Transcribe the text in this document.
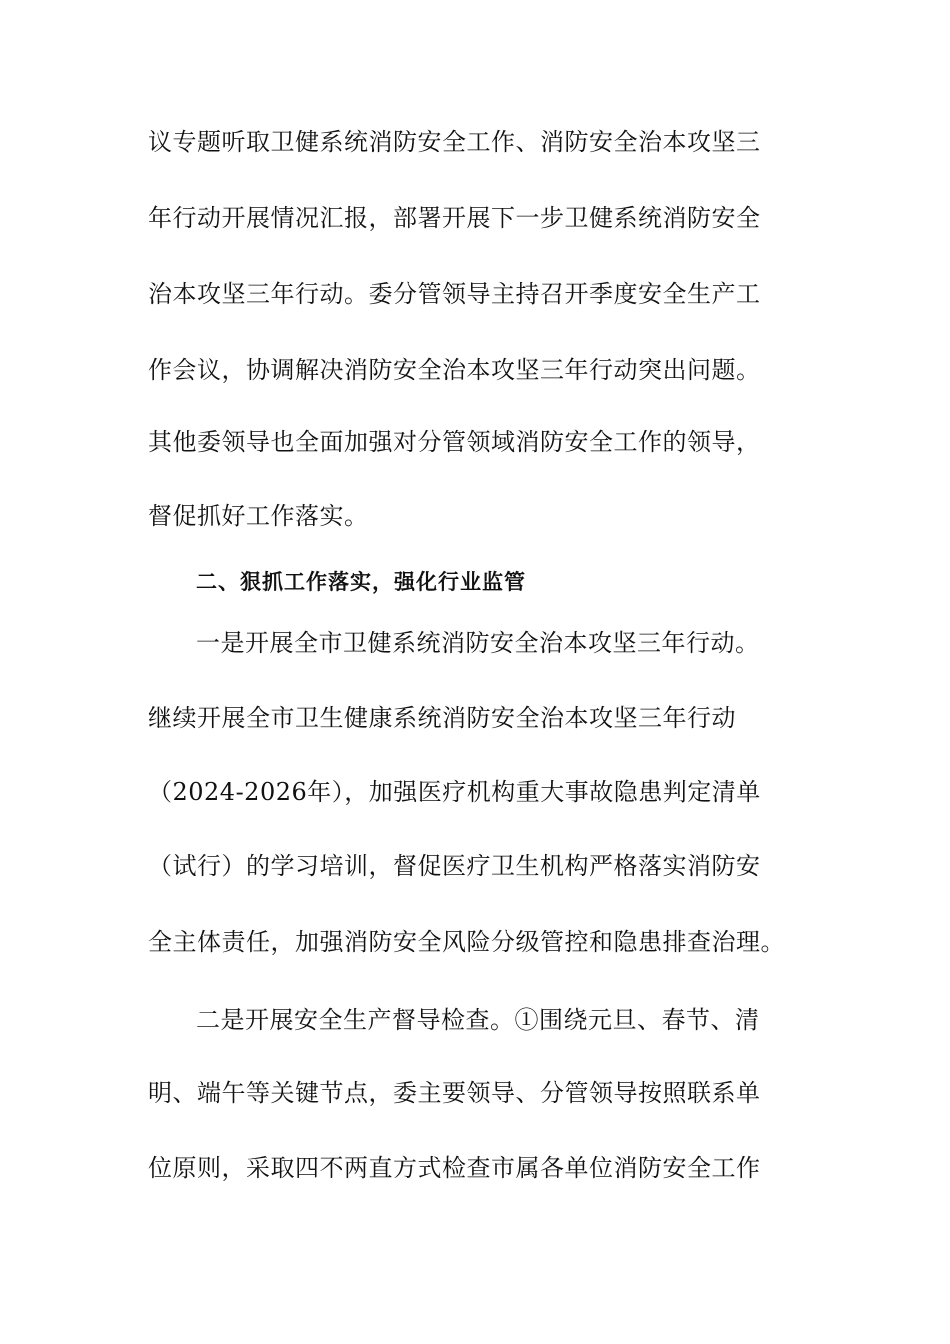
议专题听取卫健系统消防安全工作、消防安全治本攻坚三
年行动开展情况汇报，部署开展下一步卫健系统消防安全
治本攻坚三年行动。委分管领导主持召开季度安全生产工
作会议，协调解决消防安全治本攻坚三年行动突出问题。
其他委领导也全面加强对分管领域消防安全工作的领导，
督促抓好工作落实。
二、狠抓工作落实，强化行业监管
一是开展全市卫健系统消防安全治本攻坚三年行动。
继续开展全市卫生健康系统消防安全治本攻坚三年行动
（2024-2026年），加强医疗机构重大事故隐患判定清单
（试行）的学习培训，督促医疗卫生机构严格落实消防安
全主体责任，加强消防安全风险分级管控和隐患排查治理。
二是开展安全生产督导检查。①围绕元旦、春节、清
明、端午等关键节点，委主要领导、分管领导按照联系单
位原则，采取四不两直方式检查市属各单位消防安全工作
